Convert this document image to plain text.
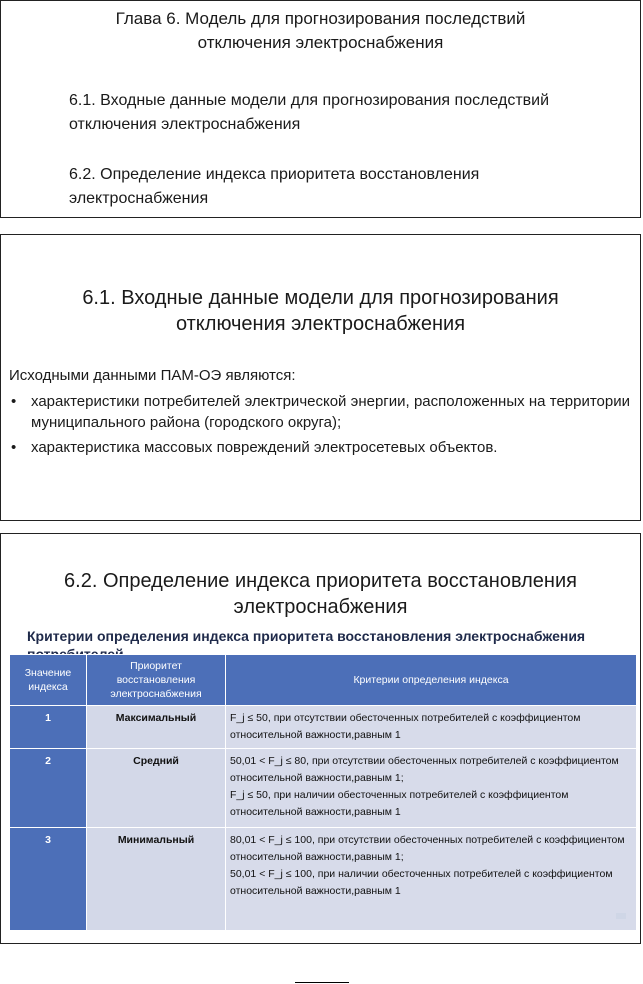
Глава 6. Модель для прогнозирования последствий
отключения электроснабжения
6.1. Входные данные модели для прогнозирования последствий
отключения электроснабжения
6.2. Определение индекса приоритета восстановления
электроснабжения
6.1. Входные данные модели для прогнозирования
отключения электроснабжения
Исходными данными ПАМ-ОЭ являются:
• характеристики потребителей электрической энергии, расположенных на территории муниципального района (городского округа);
• характеристика массовых повреждений электросетевых объектов.
6.2. Определение индекса приоритета восстановления
электроснабжения
Критерии определения индекса приоритета восстановления электроснабжения
Значение индекса	Приоритет восстановления электроснабжения	Критерии определения индекса
1	Максимальный	F_j ≤ 50, при отсутствии обесточенных потребителей с коэффициентом относительной важности,равным 1

2	Средний	50,01 < F_j ≤ 80, при отсутствии обесточенных потребителей с коэффициентом относительной важности,равным 1;
F_j ≤ 50, при наличии обесточенных потребителей с коэффициентом относительной важности,равным 1

3	Минимальный	80,01 < F_j ≤ 100, при отсутствии обесточенных потребителей с коэффициентом относительной важности,равным 1;
50,01 < F_j ≤ 100, при наличии обесточенных потребителей с коэффициентом относительной важности,равным 1
